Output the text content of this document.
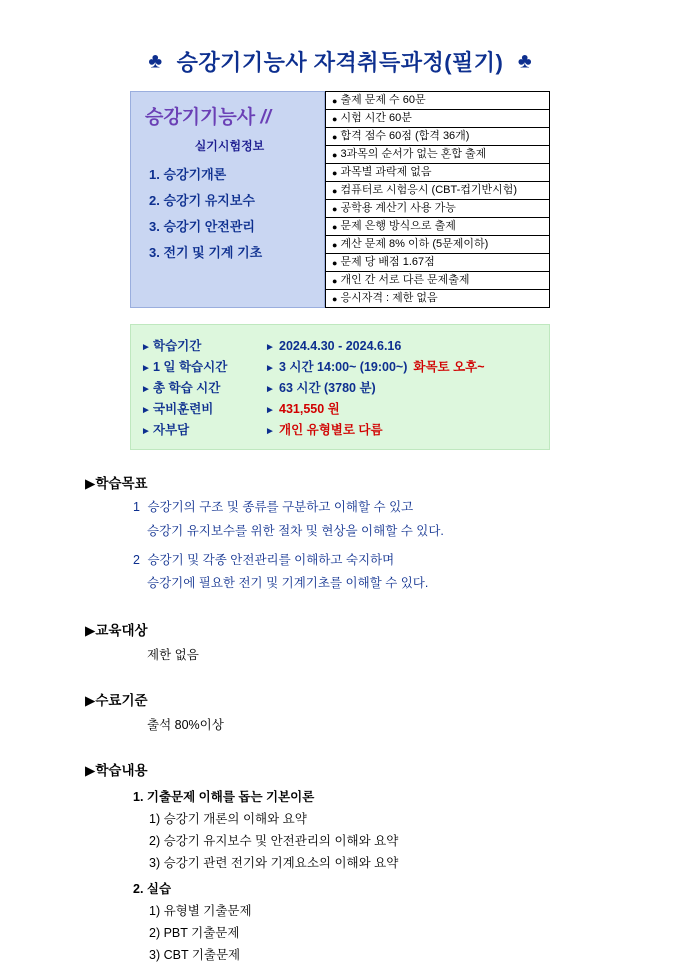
♣ 승강기기능사 자격취득과정(필기) ♣
승강기기능사 //
실기시험정보
1. 승강기개론
2. 승강기 유지보수
3. 승강기 안전관리
3. 전기 및 기계 기초
● 출제 문제 수 60문
● 시험 시간 60분
● 합격 점수 60점 (합격 36개)
● 3과목의 순서가 없는 혼합 출제
● 과목별 과락제 없음
● 컴퓨터로 시험응시 (CBT-컵기반시험)
● 공학용 계산기 사용 가능
● 문제 은행 방식으로 출제
● 계산 문제 8% 이하 (5문제이하)
● 문제 당 배점 1.67점
● 개인 간 서로 다른 문제출제
● 응시자격 : 제한 없음
► 학습기간	► 2024.4.30 - 2024.6.16
► 1 일 학습시간	► 3 시간 14:00~ (19:00~) 화목토 오후~
► 총 학습 시간	► 63 시간 (3780 분)
► 국비훈련비	► 431,550 원
► 자부담	► 개인 유형별로 다름
▶학습목표
1 승강기의 구조 및 종류를 구분하고 이해할 수 있고
승강기 유지보수를 위한 절차 및 현상을 이해할 수 있다.
2 승강기 및 각종 안전관리를 이해하고 숙지하며
승강기에 필요한 전기 및 기계기초를 이해할 수 있다.
▶교육대상
제한 없음
▶수료기준
출석 80%이상
▶학습내용
1. 기출문제 이해를 돕는 기본이론
1) 승강기 개론의 이해와 요약
2) 승강기 유지보수 및 안전관리의 이해와 요약
3) 승강기 관련 전기와 기계요소의 이해와 요약
2. 실습
1) 유형별 기출문제
2) PBT 기출문제
3) CBT 기출문제
